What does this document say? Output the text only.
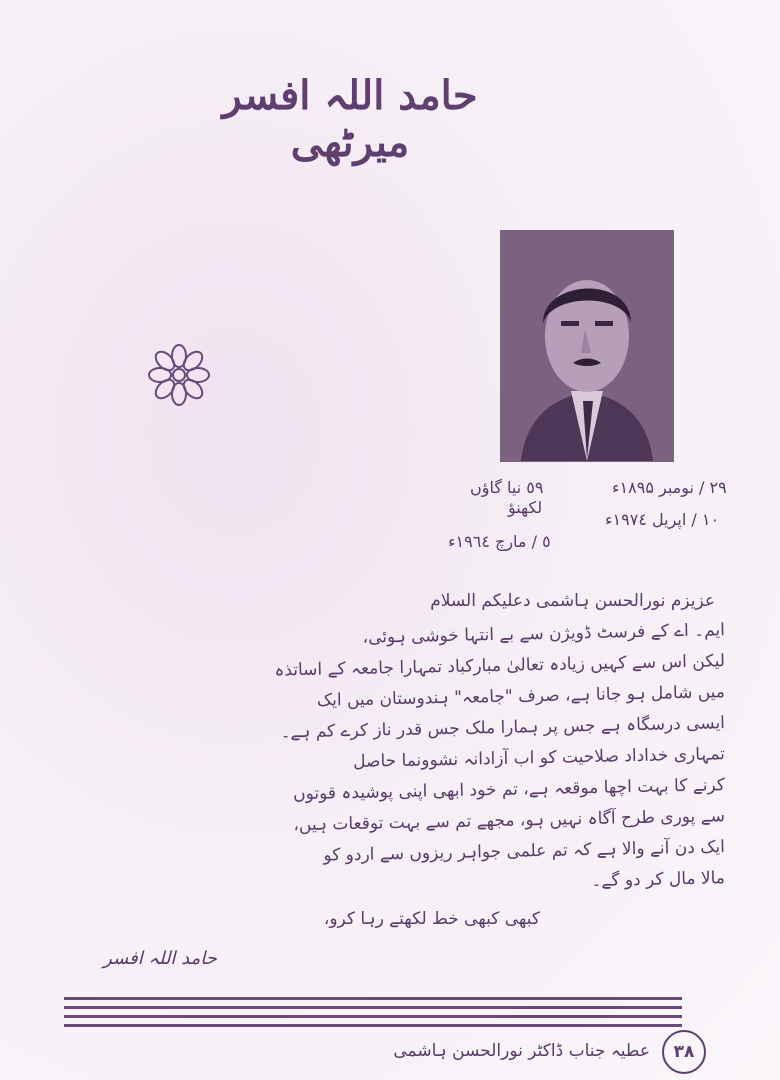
حامد اللہ افسر میرٹھی
٥٩ نیا گاؤں
لکھنؤ
٥ / مارچ ۱۹٦٤ء
۲۹ / نومبر ۱۸۹۵ء
۱۰ / اپریل ۱۹۷٤ء
عزیزم نورالحسن ہاشمی دعلیکم السلام
ایم۔ اے کے فرسٹ ڈویژن سے بے انتہا خوشی ہوئی،
لیکن اس سے کہیں زیادہ تعالیٰ مبارکباد تمہارا جامعہ کے اساتذہ
میں شامل ہو جانا ہے، صرف "جامعہ" ہندوستان میں ایک
ایسی درسگاہ ہے جس پر ہمارا ملک جس قدر ناز کرے کم ہے۔
تمہاری خداداد صلاحیت کو اب آزادانہ نشوونما حاصل
کرنے کا بہت اچھا موقعہ ہے، تم خود ابھی اپنی پوشیدہ قوتوں
سے پوری طرح آگاہ نہیں ہو، مجھے تم سے بہت توقعات ہیں،
ایک دن آنے والا ہے کہ تم علمی جواہر ریزوں سے اردو کو
مالا مال کر دو گے۔
کبھی کبھی خط لکھتے رہا کرو،
حامد اللہ افسر
۳۸
عطیہ جناب ڈاکٹر نورالحسن ہاشمی
